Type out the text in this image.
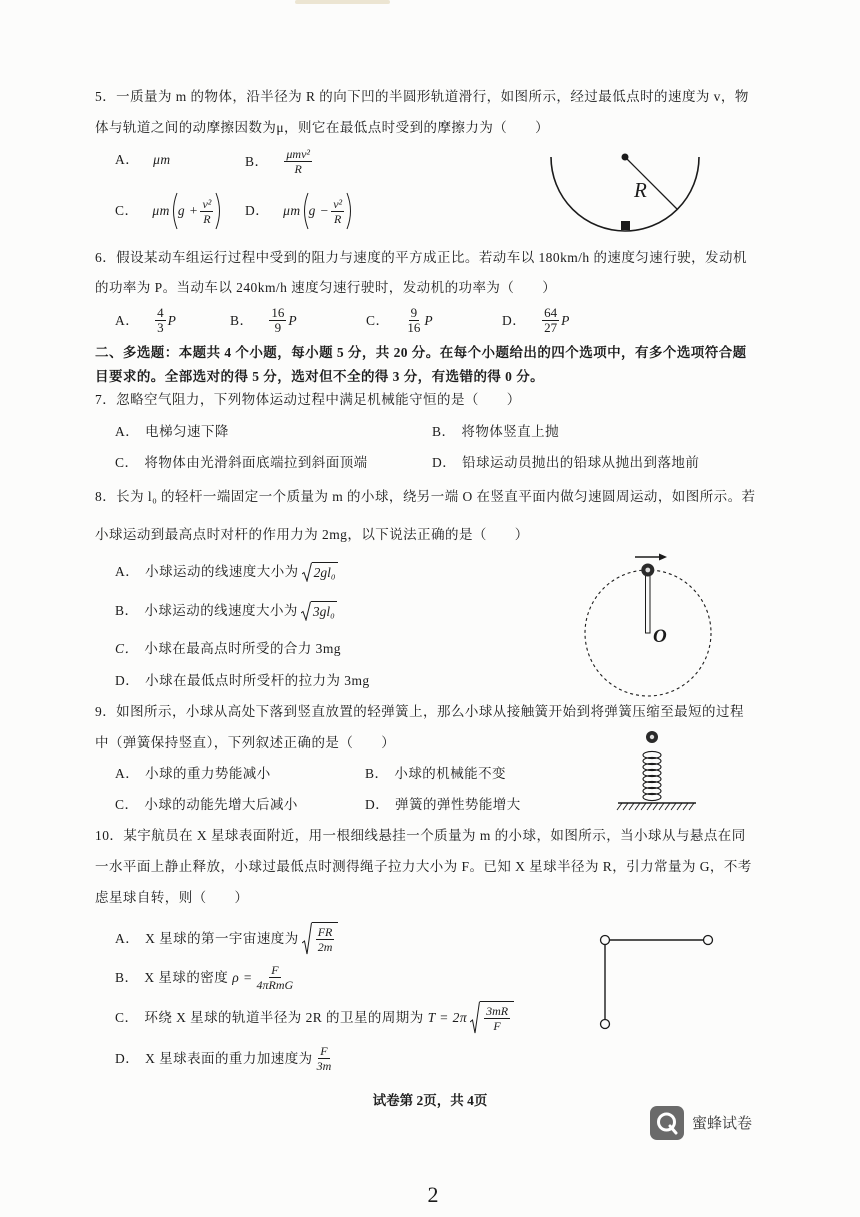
5．一质量为 m 的物体，沿半径为 R 的向下凹的半圆形轨道滑行，如图所示，经过最低点时的速度为 v，物
体与轨道之间的动摩擦因数为μ，则它在最低点时受到的摩擦力为（　　）
A． μm	B． $\frac{\text{μmv²}}{R}$
C． μm $g + \frac{\text{v²}}{R}$ D． μm $g - \frac{\text{v²}}{R}$
R
6．假设某动车组运行过程中受到的阻力与速度的平方成正比。若动车以 180km/h 的速度匀速行驶，发动机
的功率为 P。当动车以 240km/h 速度匀速行驶时，发动机的功率为（　　）
A． $\frac{4}{3}$ P	B． $\frac{16}{9}$ P	C． $\frac{9}{16}$ P	D． $\frac{64}{27}$ P
二、多选题：本题共 4 个小题，每小题 5 分，共 20 分。在每个小题给出的四个选项中，有多个选项符合题
目要求的。全部选对的得 5 分，选对但不全的得 3 分，有选错的得 0 分。
7．忽略空气阻力，下列物体运动过程中满足机械能守恒的是（　　）
A． 电梯匀速下降	B． 将物体竖直上抛
C． 将物体由光滑斜面底端拉到斜面顶端	D． 铅球运动员抛出的铅球从抛出到落地前
8．长为 l₀ 的轻杆一端固定一个质量为 m 的小球，绕另一端 O 在竖直平面内做匀速圆周运动，如图所示。若
小球运动到最高点时对杆的作用力为 2mg，以下说法正确的是（　　）
A． 小球运动的线速度大小为 2gl₀
B． 小球运动的线速度大小为 3gl₀
C． 小球在最高点时所受的合力 3mg
D． 小球在最低点时所受杆的拉力为 3mg
O
9．如图所示，小球从高处下落到竖直放置的轻弹簧上，那么小球从接触簧开始到将弹簧压缩至最短的过程
中（弹簧保持竖直），下列叙述正确的是（　　）
A． 小球的重力势能减小	B． 小球的机械能不变
C． 小球的动能先增大后减小	D． 弹簧的弹性势能增大
10．某宇航员在 X 星球表面附近，用一根细线悬挂一个质量为 m 的小球，如图所示，当小球从与悬点在同
一水平面上静止释放，小球过最低点时测得绳子拉力大小为 F。已知 X 星球半径为 R，引力常量为 G，不考
虑星球自转，则（　　）
A． X 星球的第一宇宙速度为 $\frac{FR}{2m}$
B． X 星球的密度 $\rho = \frac{F}{\text{4πRmG}}$
C． 环绕 X 星球的轨道半径为 2R 的卫星的周期为 $T = 2\pi \frac{3mR}{F}$
D． X 星球表面的重力加速度为 $\frac{F}{3m}$
试卷第 2页，共 4页
蜜蜂试卷
2
